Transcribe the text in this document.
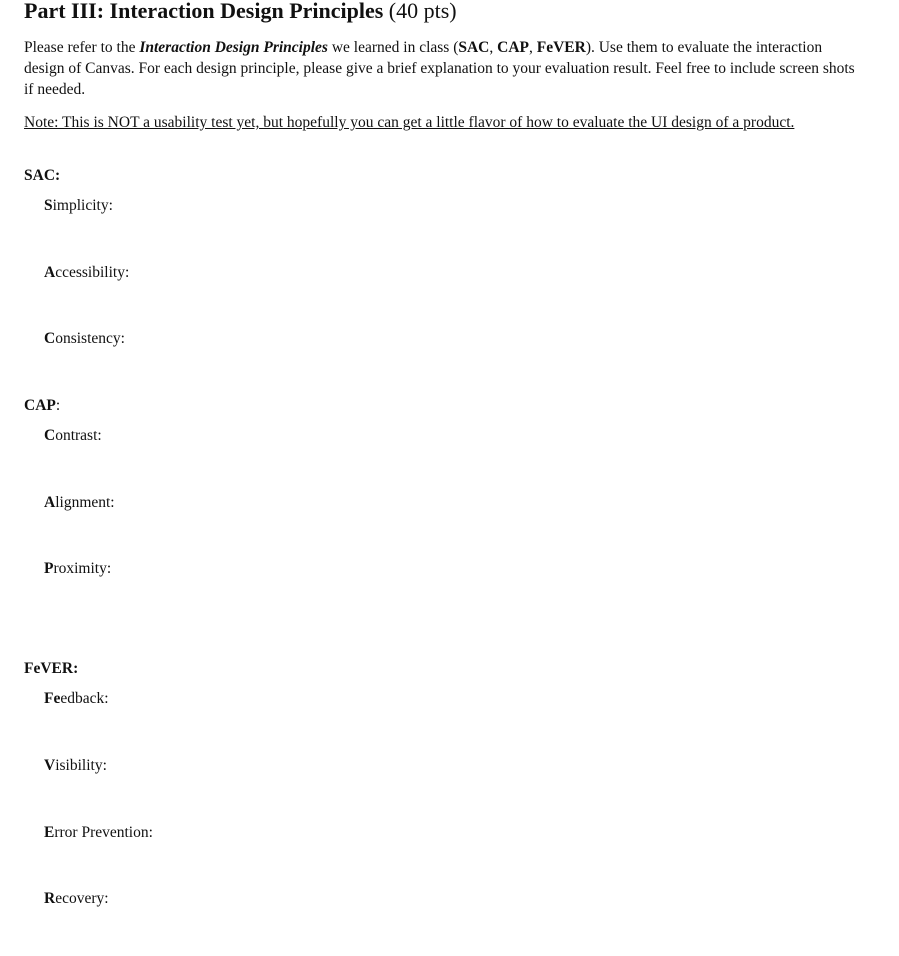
Part III: Interaction Design Principles (40 pts)

Please refer to the Interaction Design Principles we learned in class (SAC, CAP, FeVER). Use them to evaluate the interaction design of Canvas. For each design principle, please give a brief explanation to your evaluation result. Feel free to include screen shots if needed.

Note: This is NOT a usability test yet, but hopefully you can get a little flavor of how to evaluate the UI design of a product.

SAC:
Simplicity:
Accessibility:
Consistency:
CAP:
Contrast:
Alignment:
Proximity:
FeVER:
Feedback:
Visibility:
Error Prevention:
Recovery:
